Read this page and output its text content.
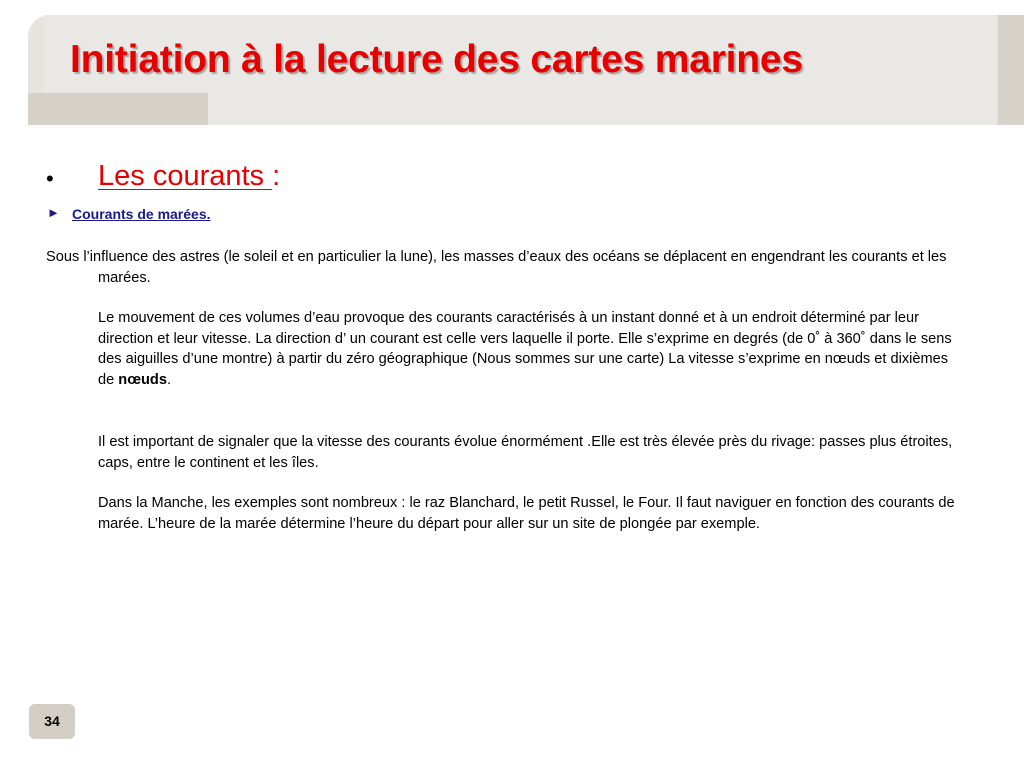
Initiation à la lecture des cartes marines
• Les courants :
► Courants de marées.

Sous l’influence des astres (le soleil et en particulier la lune), les masses d’eaux des océans se déplacent en engendrant les courants et les marées.

Le mouvement de ces volumes d’eau provoque des courants caractérisés à un instant donné et à un endroit déterminé par leur direction et leur vitesse. La direction d’ un courant est celle vers laquelle il porte. Elle s’exprime en degrés (de 0˚ à 360˚ dans le sens des aiguilles d’une montre) à partir du zéro géographique (Nous sommes sur une carte) La vitesse s’exprime en nœuds et dixièmes de nœuds.

Il est important de signaler que la vitesse des courants évolue énormément .Elle est très élevée près du rivage: passes plus étroites, caps, entre le continent et les îles.

Dans la Manche, les exemples sont nombreux : le raz Blanchard, le petit Russel, le Four. Il faut naviguer en fonction des courants de marée. L’heure de la marée détermine l’heure du départ pour aller sur un site de plongée par exemple.

34
